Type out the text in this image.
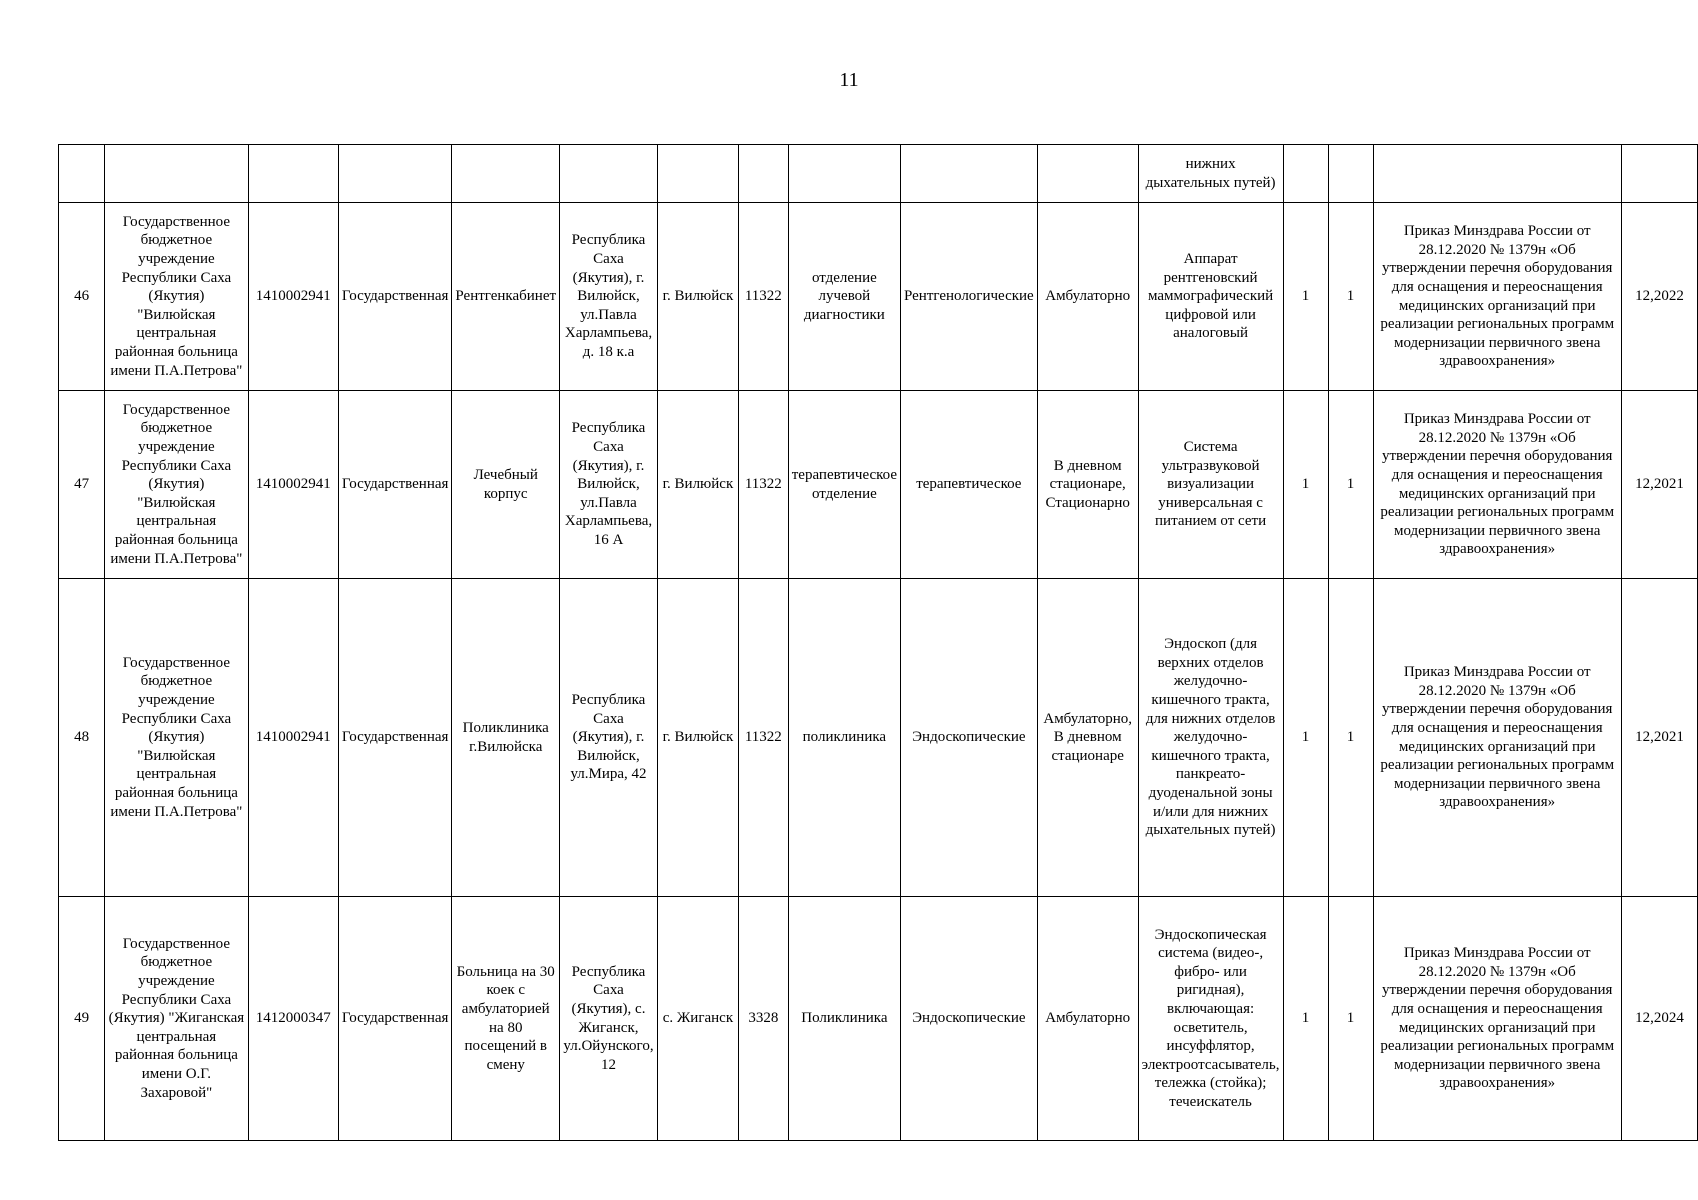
11
											нижних дыхательных путей)				
46	Государственное бюджетное учреждение Республики Саха (Якутия) "Вилюйская центральная районная больница имени П.А.Петрова"	1410002941	Государственная	Рентгенкабинет	Республика Саха (Якутия), г. Вилюйск, ул.Павла Харлампьева, д. 18 к.а	г. Вилюйск	11322	отделение лучевой диагностики	Рентгенологические	Амбулаторно	Аппарат рентгеновский маммографический цифровой или аналоговый	1	1	Приказ Минздрава России от 28.12.2020 № 1379н «Об утверждении перечня оборудования для оснащения и переоснащения медицинских организаций при реализации региональных программ модернизации первичного звена здравоохранения»	12,2022
47	Государственное бюджетное учреждение Республики Саха (Якутия) "Вилюйская центральная районная больница имени П.А.Петрова"	1410002941	Государственная	Лечебный корпус	Республика Саха (Якутия), г. Вилюйск, ул.Павла Харлампьева, 16 А	г. Вилюйск	11322	терапевтическое отделение	терапевтическое	В дневном стационаре, Стационарно	Система ультразвуковой визуализации универсальная с питанием от сети	1	1	Приказ Минздрава России от 28.12.2020 № 1379н «Об утверждении перечня оборудования для оснащения и переоснащения медицинских организаций при реализации региональных программ модернизации первичного звена здравоохранения»	12,2021
48	Государственное бюджетное учреждение Республики Саха (Якутия) "Вилюйская центральная районная больница имени П.А.Петрова"	1410002941	Государственная	Поликлиника г.Вилюйска	Республика Саха (Якутия), г. Вилюйск, ул.Мира, 42	г. Вилюйск	11322	поликлиника	Эндоскопические	Амбулаторно, В дневном стационаре	Эндоскоп (для верхних отделов желудочно-кишечного тракта, для нижних отделов желудочно-кишечного тракта, панкреато-дуоденальной зоны и/или для нижних дыхательных путей)	1	1	Приказ Минздрава России от 28.12.2020 № 1379н «Об утверждении перечня оборудования для оснащения и переоснащения медицинских организаций при реализации региональных программ модернизации первичного звена здравоохранения»	12,2021
49	Государственное бюджетное учреждение Республики Саха (Якутия) "Жиганская центральная районная больница имени О.Г. Захаровой"	1412000347	Государственная	Больница на 30 коек с амбулаторией на 80 посещений в смену	Республика Саха (Якутия), с. Жиганск, ул.Ойунского, 12	с. Жиганск	3328	Поликлиника	Эндоскопические	Амбулаторно	Эндоскопическая система (видео-, фибро- или ригидная), включающая: осветитель, инсуффлятор, электроотсасыватель, тележка (стойка); течеискатель	1	1	Приказ Минздрава России от 28.12.2020 № 1379н «Об утверждении перечня оборудования для оснащения и переоснащения медицинских организаций при реализации региональных программ модернизации первичного звена здравоохранения»	12,2024
